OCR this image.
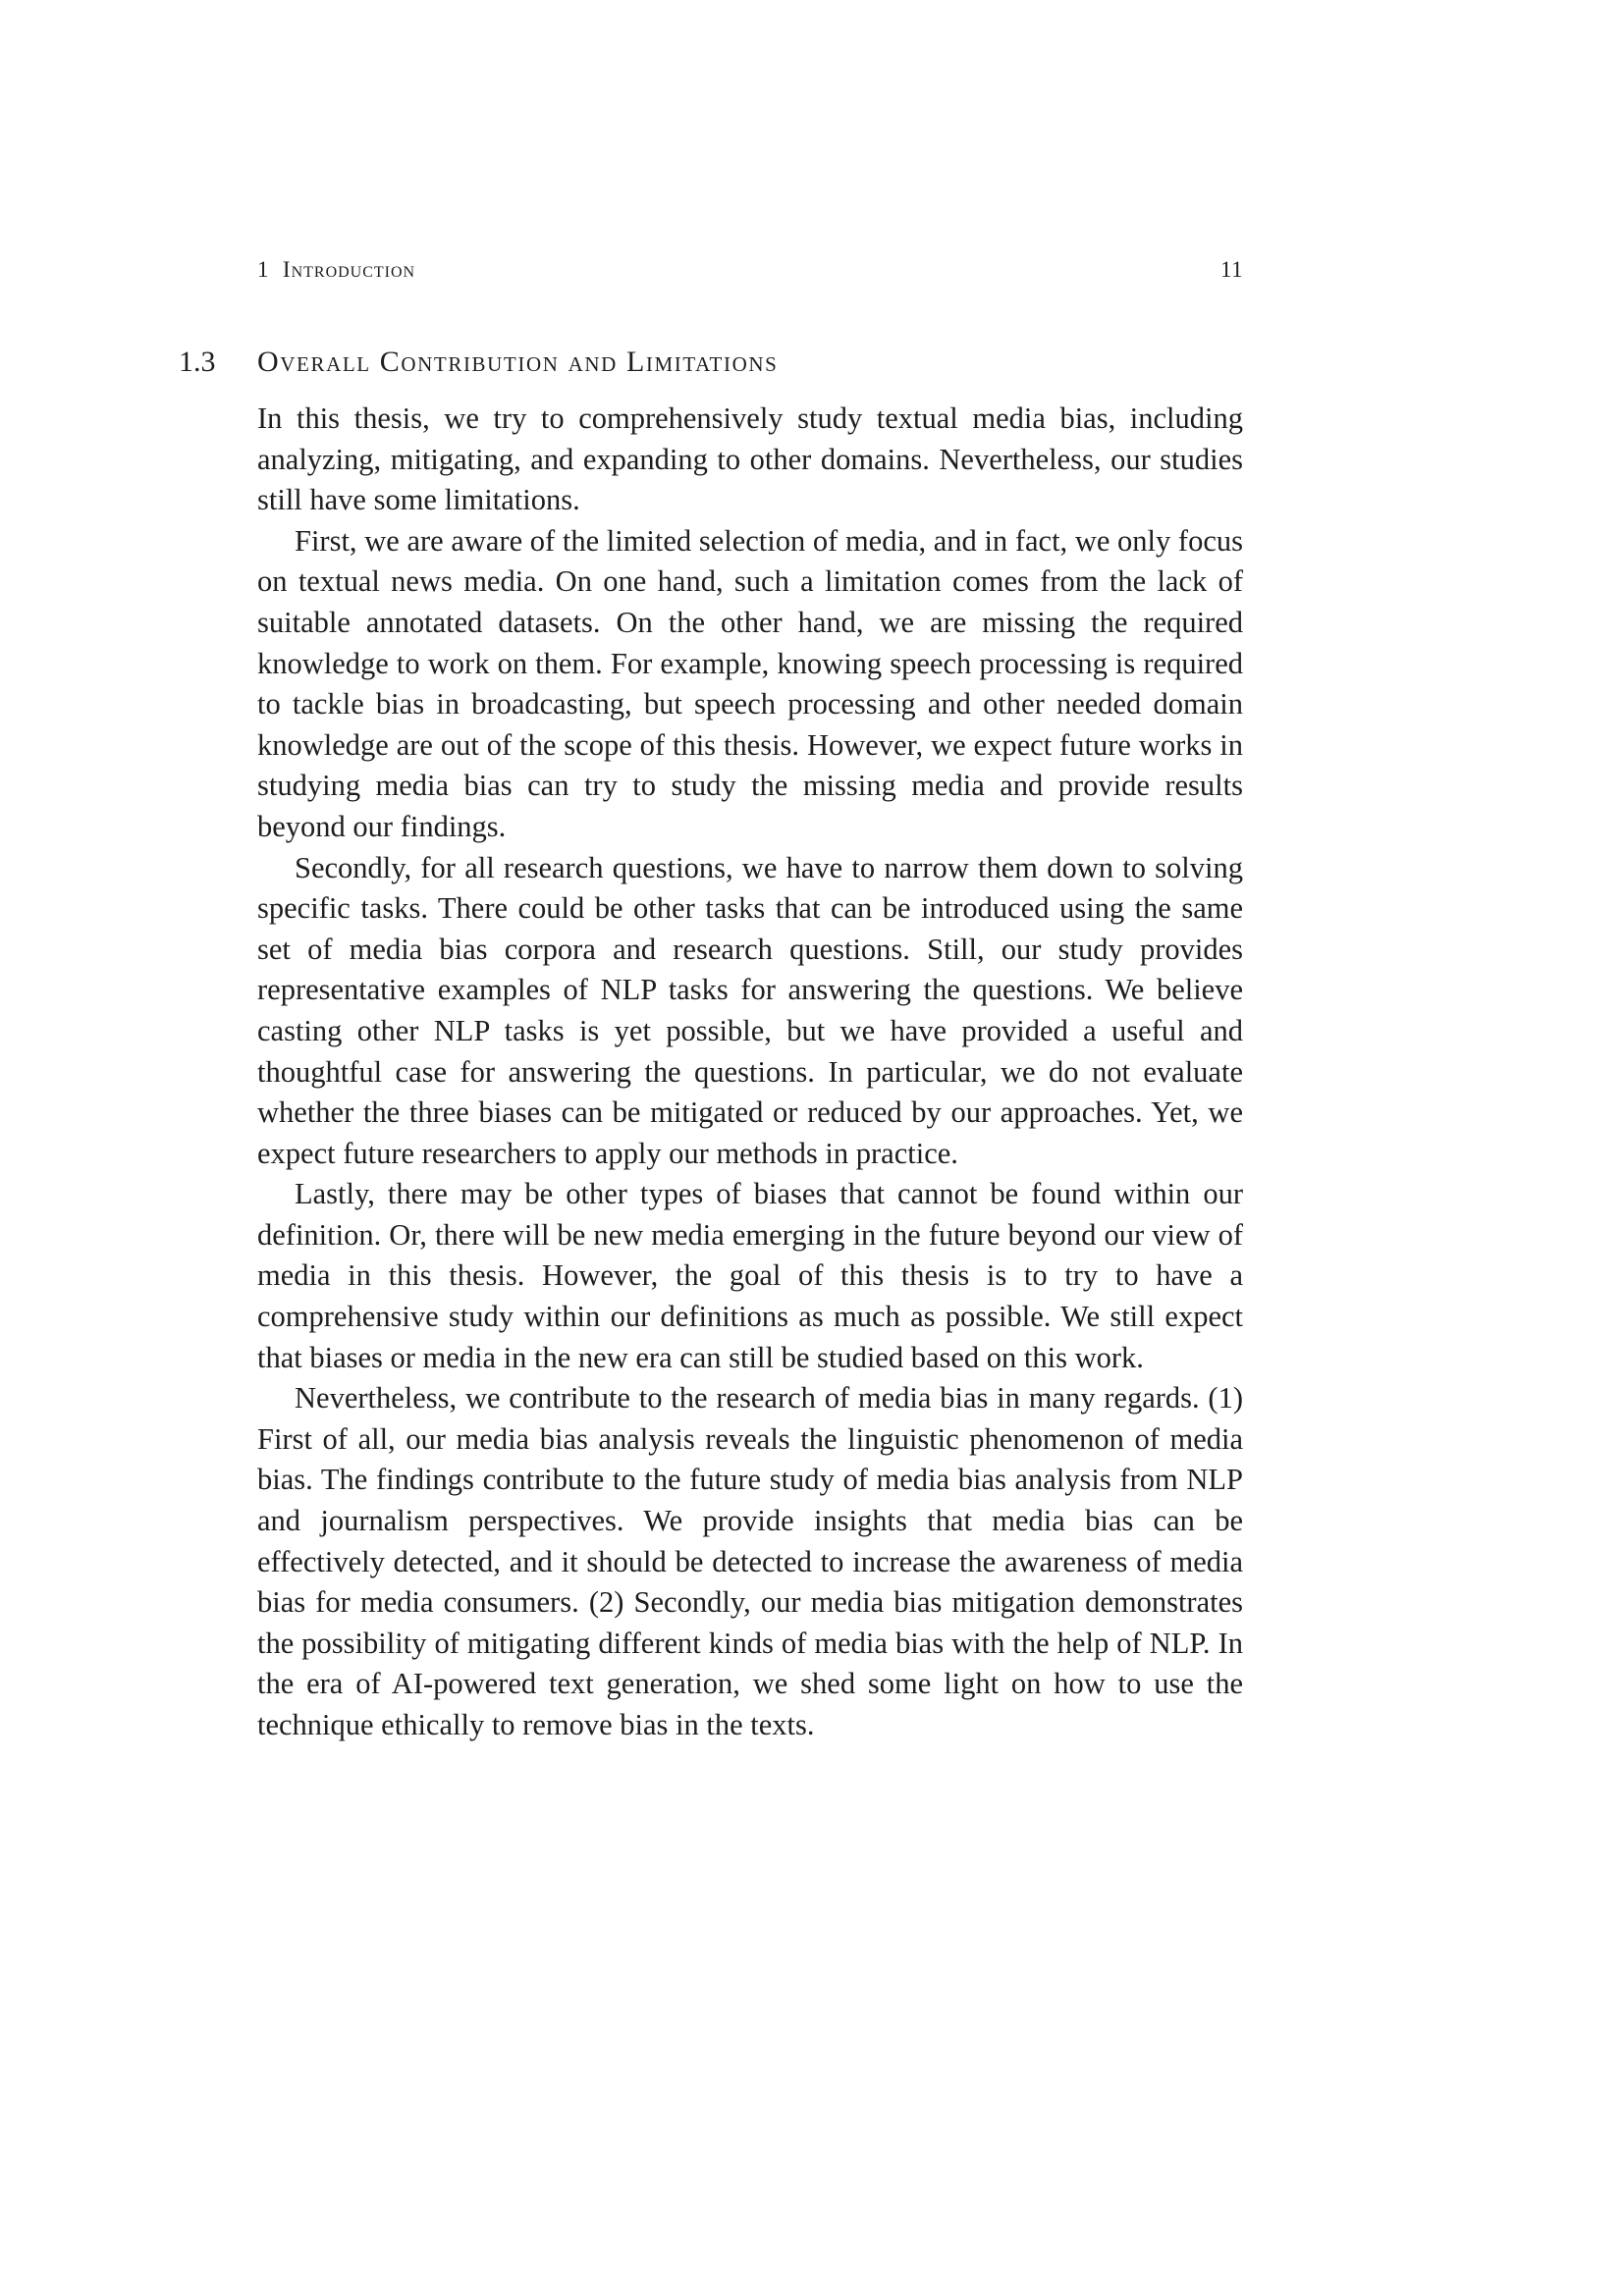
1 Introduction	11
1.3 Overall Contribution and Limitations

In this thesis, we try to comprehensively study textual media bias, including analyzing, mitigating, and expanding to other domains. Nevertheless, our studies still have some limitations.

First, we are aware of the limited selection of media, and in fact, we only focus on textual news media. On one hand, such a limitation comes from the lack of suitable annotated datasets. On the other hand, we are missing the required knowledge to work on them. For example, knowing speech processing is required to tackle bias in broadcasting, but speech processing and other needed domain knowledge are out of the scope of this thesis. However, we expect future works in studying media bias can try to study the missing media and provide results beyond our findings.

Secondly, for all research questions, we have to narrow them down to solving specific tasks. There could be other tasks that can be introduced using the same set of media bias corpora and research questions. Still, our study provides representative examples of NLP tasks for answering the questions. We believe casting other NLP tasks is yet possible, but we have provided a useful and thoughtful case for answering the questions. In particular, we do not evaluate whether the three biases can be mitigated or reduced by our approaches. Yet, we expect future researchers to apply our methods in practice.

Lastly, there may be other types of biases that cannot be found within our definition. Or, there will be new media emerging in the future beyond our view of media in this thesis. However, the goal of this thesis is to try to have a comprehensive study within our definitions as much as possible. We still expect that biases or media in the new era can still be studied based on this work.

Nevertheless, we contribute to the research of media bias in many regards. (1) First of all, our media bias analysis reveals the linguistic phenomenon of media bias. The findings contribute to the future study of media bias analysis from NLP and journalism perspectives. We provide insights that media bias can be effectively detected, and it should be detected to increase the awareness of media bias for media consumers. (2) Secondly, our media bias mitigation demonstrates the possibility of mitigating different kinds of media bias with the help of NLP. In the era of AI-powered text generation, we shed some light on how to use the technique ethically to remove bias in the texts.
